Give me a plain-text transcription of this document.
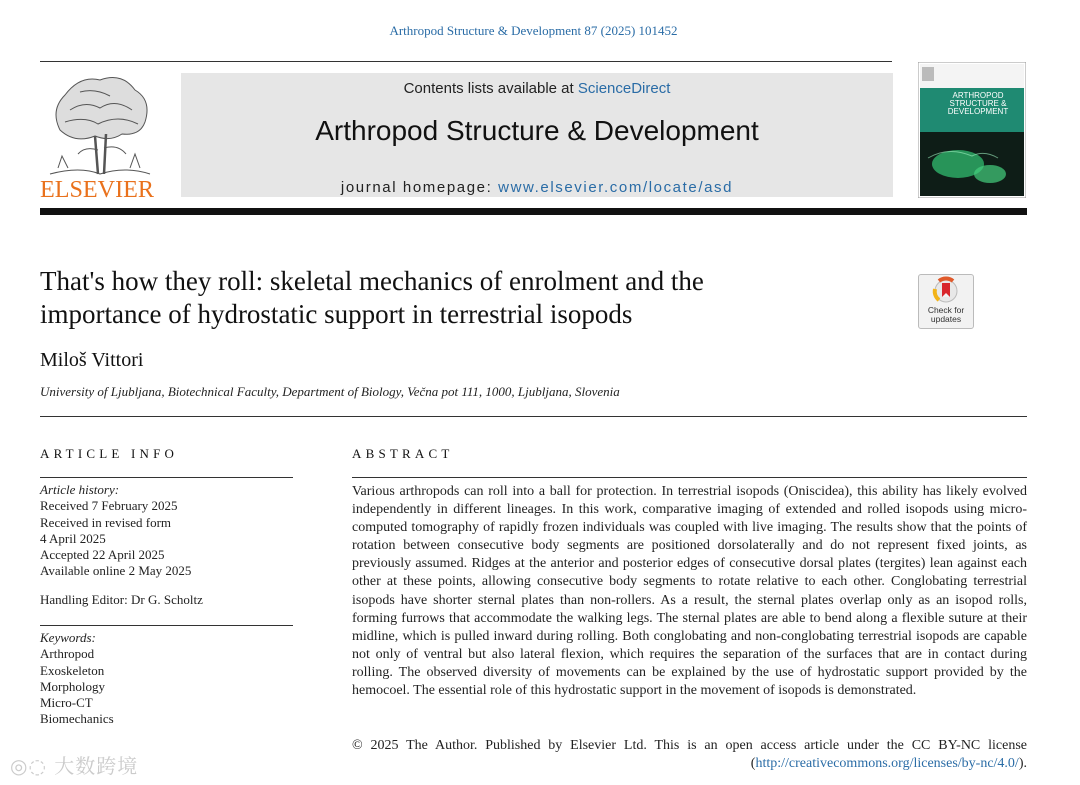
Arthropod Structure & Development 87 (2025) 101452
ELSEVIER
Contents lists available at ScienceDirect
Arthropod Structure & Development
journal homepage: www.elsevier.com/locate/asd
ARTHROPOD
STRUCTURE &
DEVELOPMENT
That's how they roll: skeletal mechanics of enrolment and the
importance of hydrostatic support in terrestrial isopods	Check for
updates
Miloš Vittori
University of Ljubljana, Biotechnical Faculty, Department of Biology, Večna pot 111, 1000, Ljubljana, Slovenia
ARTICLE INFO
Article history:
Received 7 February 2025
Received in revised form
4 April 2025
Accepted 22 April 2025
Available online 2 May 2025
Handling Editor: Dr G. Scholtz
Keywords:
Arthropod
Exoskeleton
Morphology
Micro-CT
Biomechanics
ABSTRACT

Various arthropods can roll into a ball for protection. In terrestrial isopods (Oniscidea), this ability has likely evolved independently in different lineages. In this work, comparative imaging of extended and rolled isopods using micro-computed tomography of rapidly frozen individuals was coupled with live imaging. The results show that the points of rotation between consecutive body segments are positioned dorsolaterally and do not represent fixed joints, as previously assumed. Ridges at the anterior and posterior edges of consecutive dorsal plates (tergites) lean against each other at these points, allowing consecutive body segments to rotate relative to each other. Conglobating terrestrial isopods have shorter sternal plates than non-rollers. As a result, the sternal plates overlap only as an isopod rolls, forming furrows that accommodate the walking legs. The sternal plates are able to bend along a flexible suture at their midline, which is pulled inward during rolling. Both conglobating and non-conglobating terrestrial isopods are capable not only of ventral but also lateral flexion, which requires the separation of the surfaces that are in contact during rolling. The observed diversity of movements can be explained by the use of hydrostatic support provided by the hemocoel. The essential role of this hydrostatic support in the movement of isopods is demonstrated.

© 2025 The Author. Published by Elsevier Ltd. This is an open access article under the CC BY-NC license
(http://creativecommons.org/licenses/by-nc/4.0/).
◎◌ 大数跨境
